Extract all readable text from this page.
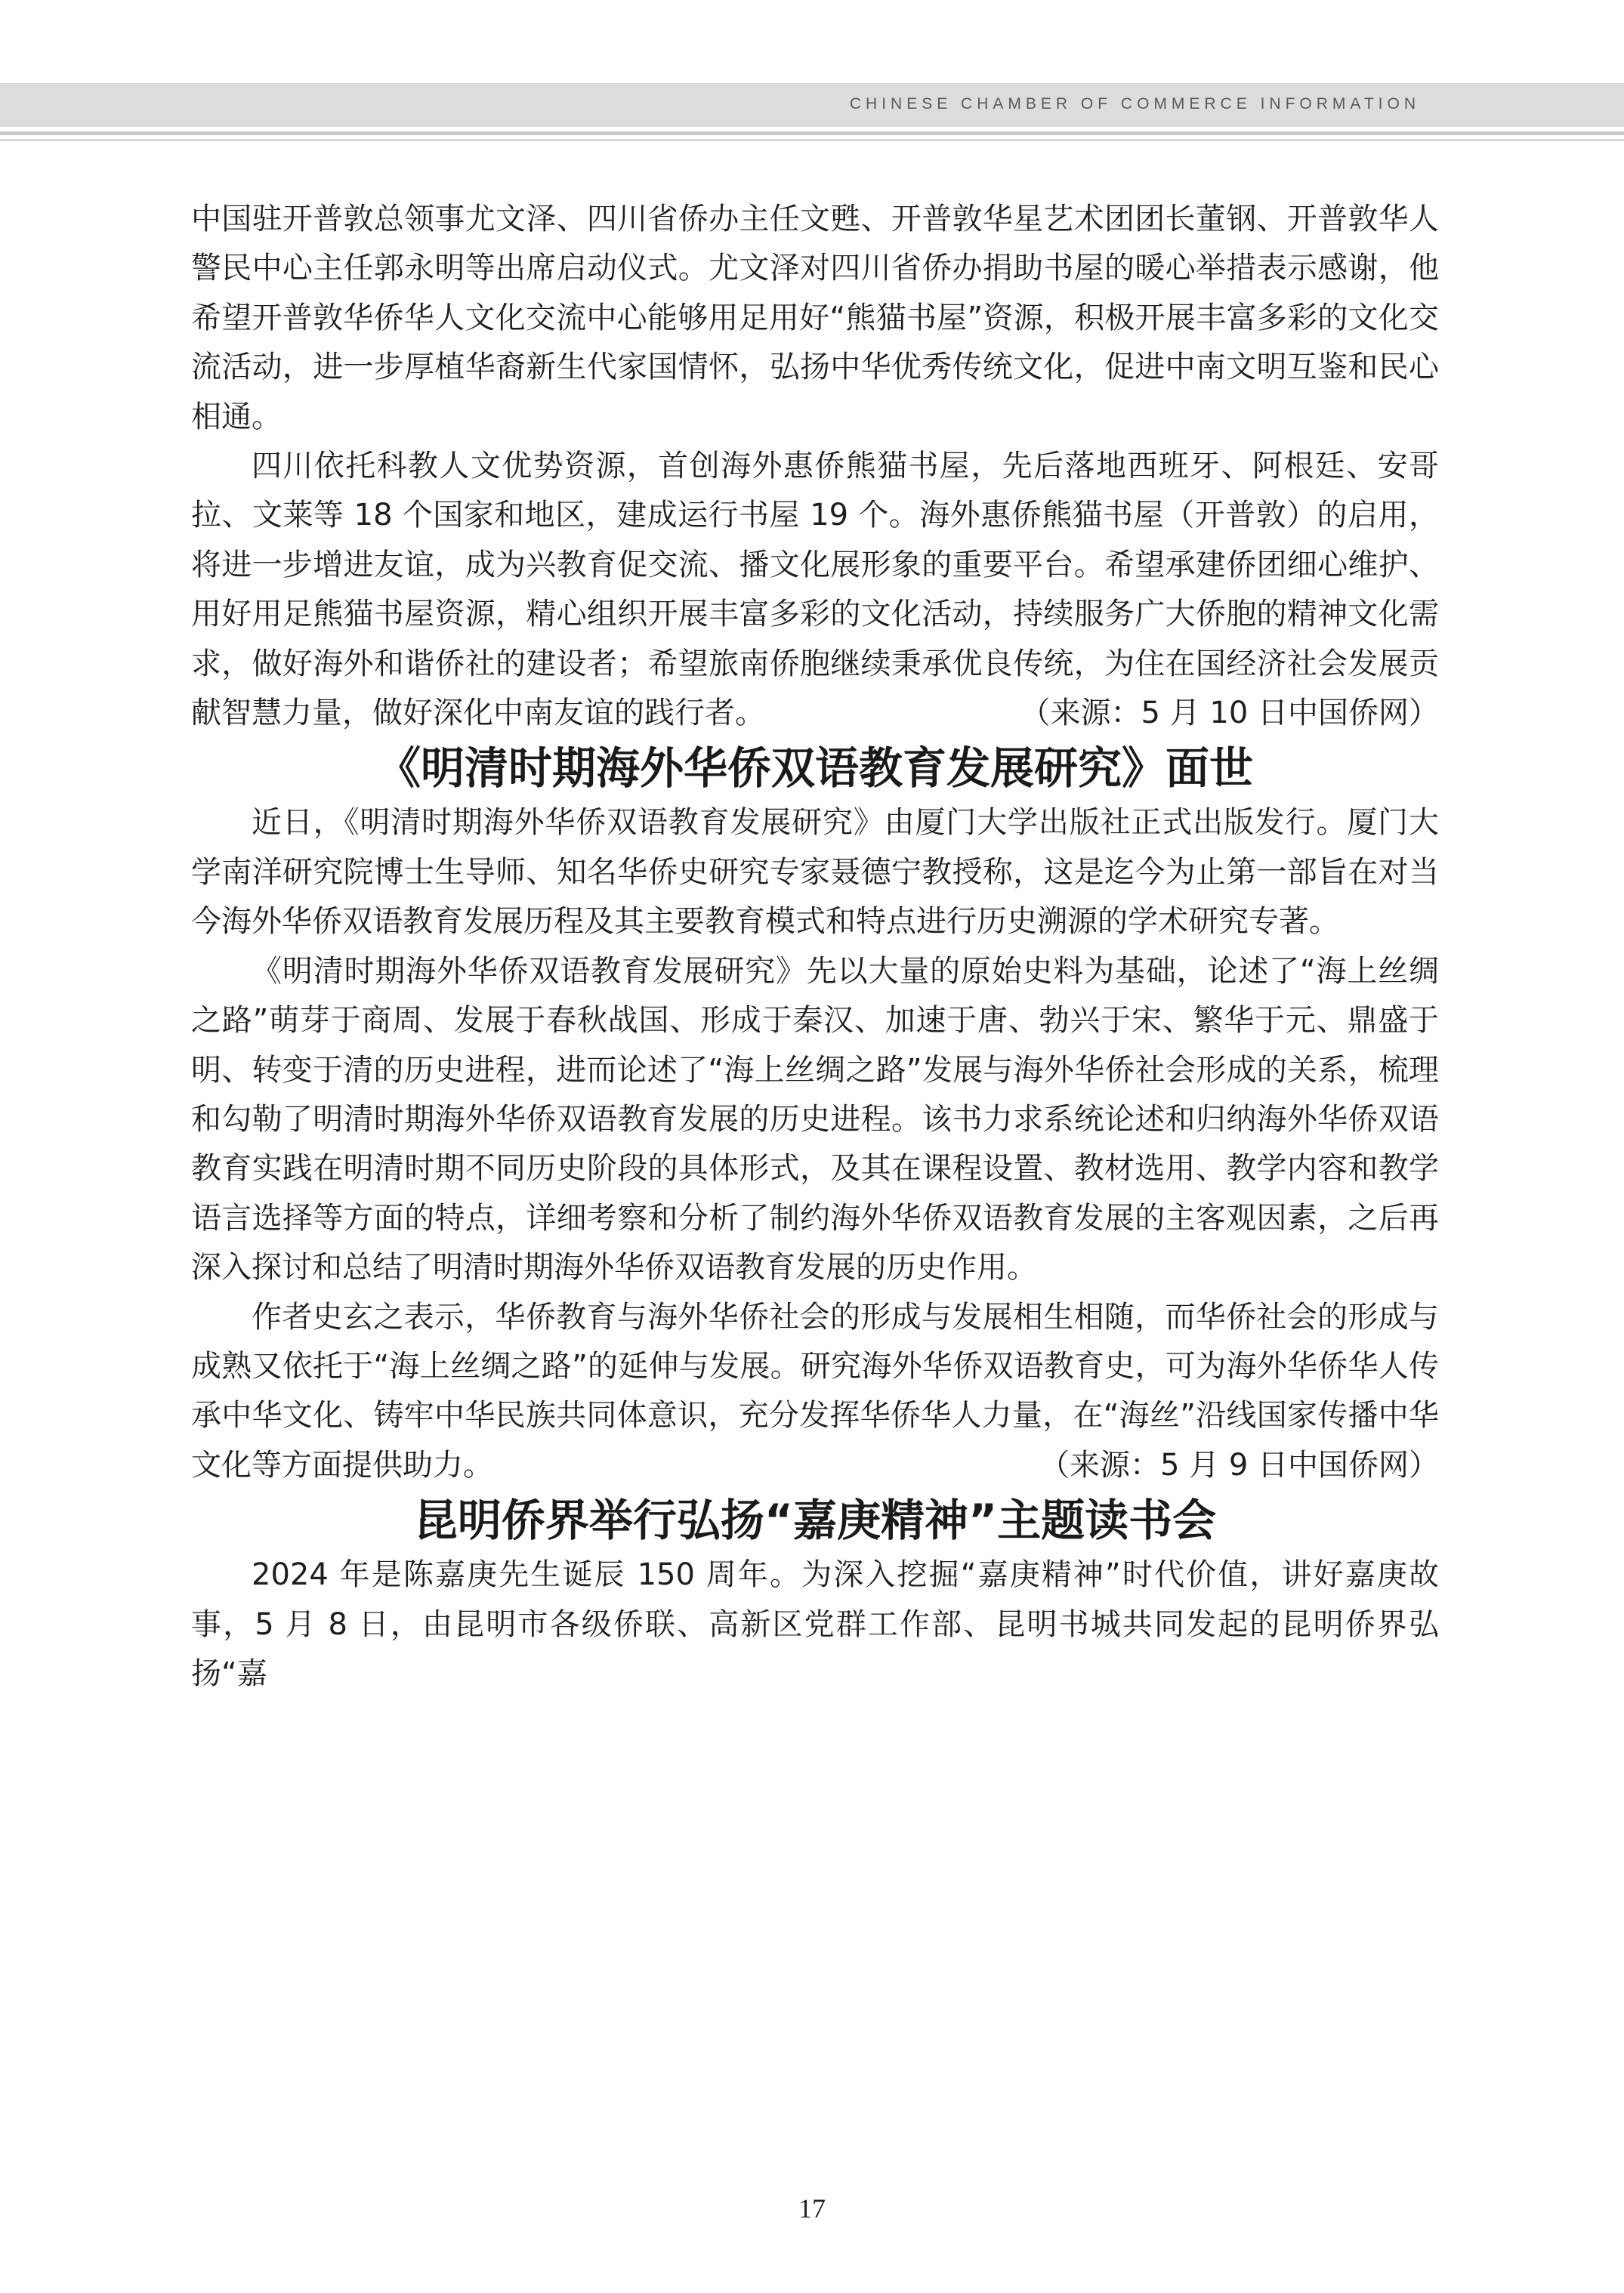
CHINESE CHAMBER OF COMMERCE INFORMATION

中国驻开普敦总领事尤文泽、四川省侨办主任文甦、开普敦华星艺术团团长董钢、开普敦华人警民中心主任郭永明等出席启动仪式。尤文泽对四川省侨办捐助书屋的暖心举措表示感谢，他希望开普敦华侨华人文化交流中心能够用足用好“熊猫书屋”资源，积极开展丰富多彩的文化交流活动，进一步厚植华裔新生代家国情怀，弘扬中华优秀传统文化，促进中南文明互鉴和民心相通。

四川依托科教人文优势资源，首创海外惠侨熊猫书屋，先后落地西班牙、阿根廷、安哥拉、文莱等 18 个国家和地区，建成运行书屋 19 个。海外惠侨熊猫书屋（开普敦）的启用，将进一步增进友谊，成为兴教育促交流、播文化展形象的重要平台。希望承建侨团细心维护、用好用足熊猫书屋资源，精心组织开展丰富多彩的文化活动，持续服务广大侨胞的精神文化需求，做好海外和谐侨社的建设者；希望旅南侨胞继续秉承优良传统，为住在国经济社会发展贡献智慧力量，做好深化中南友谊的践行者。	（来源：5 月 10 日中国侨网）

《明清时期海外华侨双语教育发展研究》面世

近日，《明清时期海外华侨双语教育发展研究》由厦门大学出版社正式出版发行。厦门大学南洋研究院博士生导师、知名华侨史研究专家聂德宁教授称，这是迄今为止第一部旨在对当今海外华侨双语教育发展历程及其主要教育模式和特点进行历史溯源的学术研究专著。

《明清时期海外华侨双语教育发展研究》先以大量的原始史料为基础，论述了“海上丝绸之路”萌芽于商周、发展于春秋战国、形成于秦汉、加速于唐、勃兴于宋、繁华于元、鼎盛于明、转变于清的历史进程，进而论述了“海上丝绸之路”发展与海外华侨社会形成的关系，梳理和勾勒了明清时期海外华侨双语教育发展的历史进程。该书力求系统论述和归纳海外华侨双语教育实践在明清时期不同历史阶段的具体形式，及其在课程设置、教材选用、教学内容和教学语言选择等方面的特点，详细考察和分析了制约海外华侨双语教育发展的主客观因素，之后再深入探讨和总结了明清时期海外华侨双语教育发展的历史作用。

作者史玄之表示，华侨教育与海外华侨社会的形成与发展相生相随，而华侨社会的形成与成熟又依托于“海上丝绸之路”的延伸与发展。研究海外华侨双语教育史，可为海外华侨华人传承中华文化、铸牢中华民族共同体意识，充分发挥华侨华人力量，在“海丝”沿线国家传播中华文化等方面提供助力。	（来源：5 月 9 日中国侨网）

昆明侨界举行弘扬“嘉庚精神”主题读书会

2024 年是陈嘉庚先生诞辰 150 周年。为深入挖掘“嘉庚精神”时代价值，讲好嘉庚故事，5 月 8 日，由昆明市各级侨联、高新区党群工作部、昆明书城共同发起的昆明侨界弘扬“嘉

17
